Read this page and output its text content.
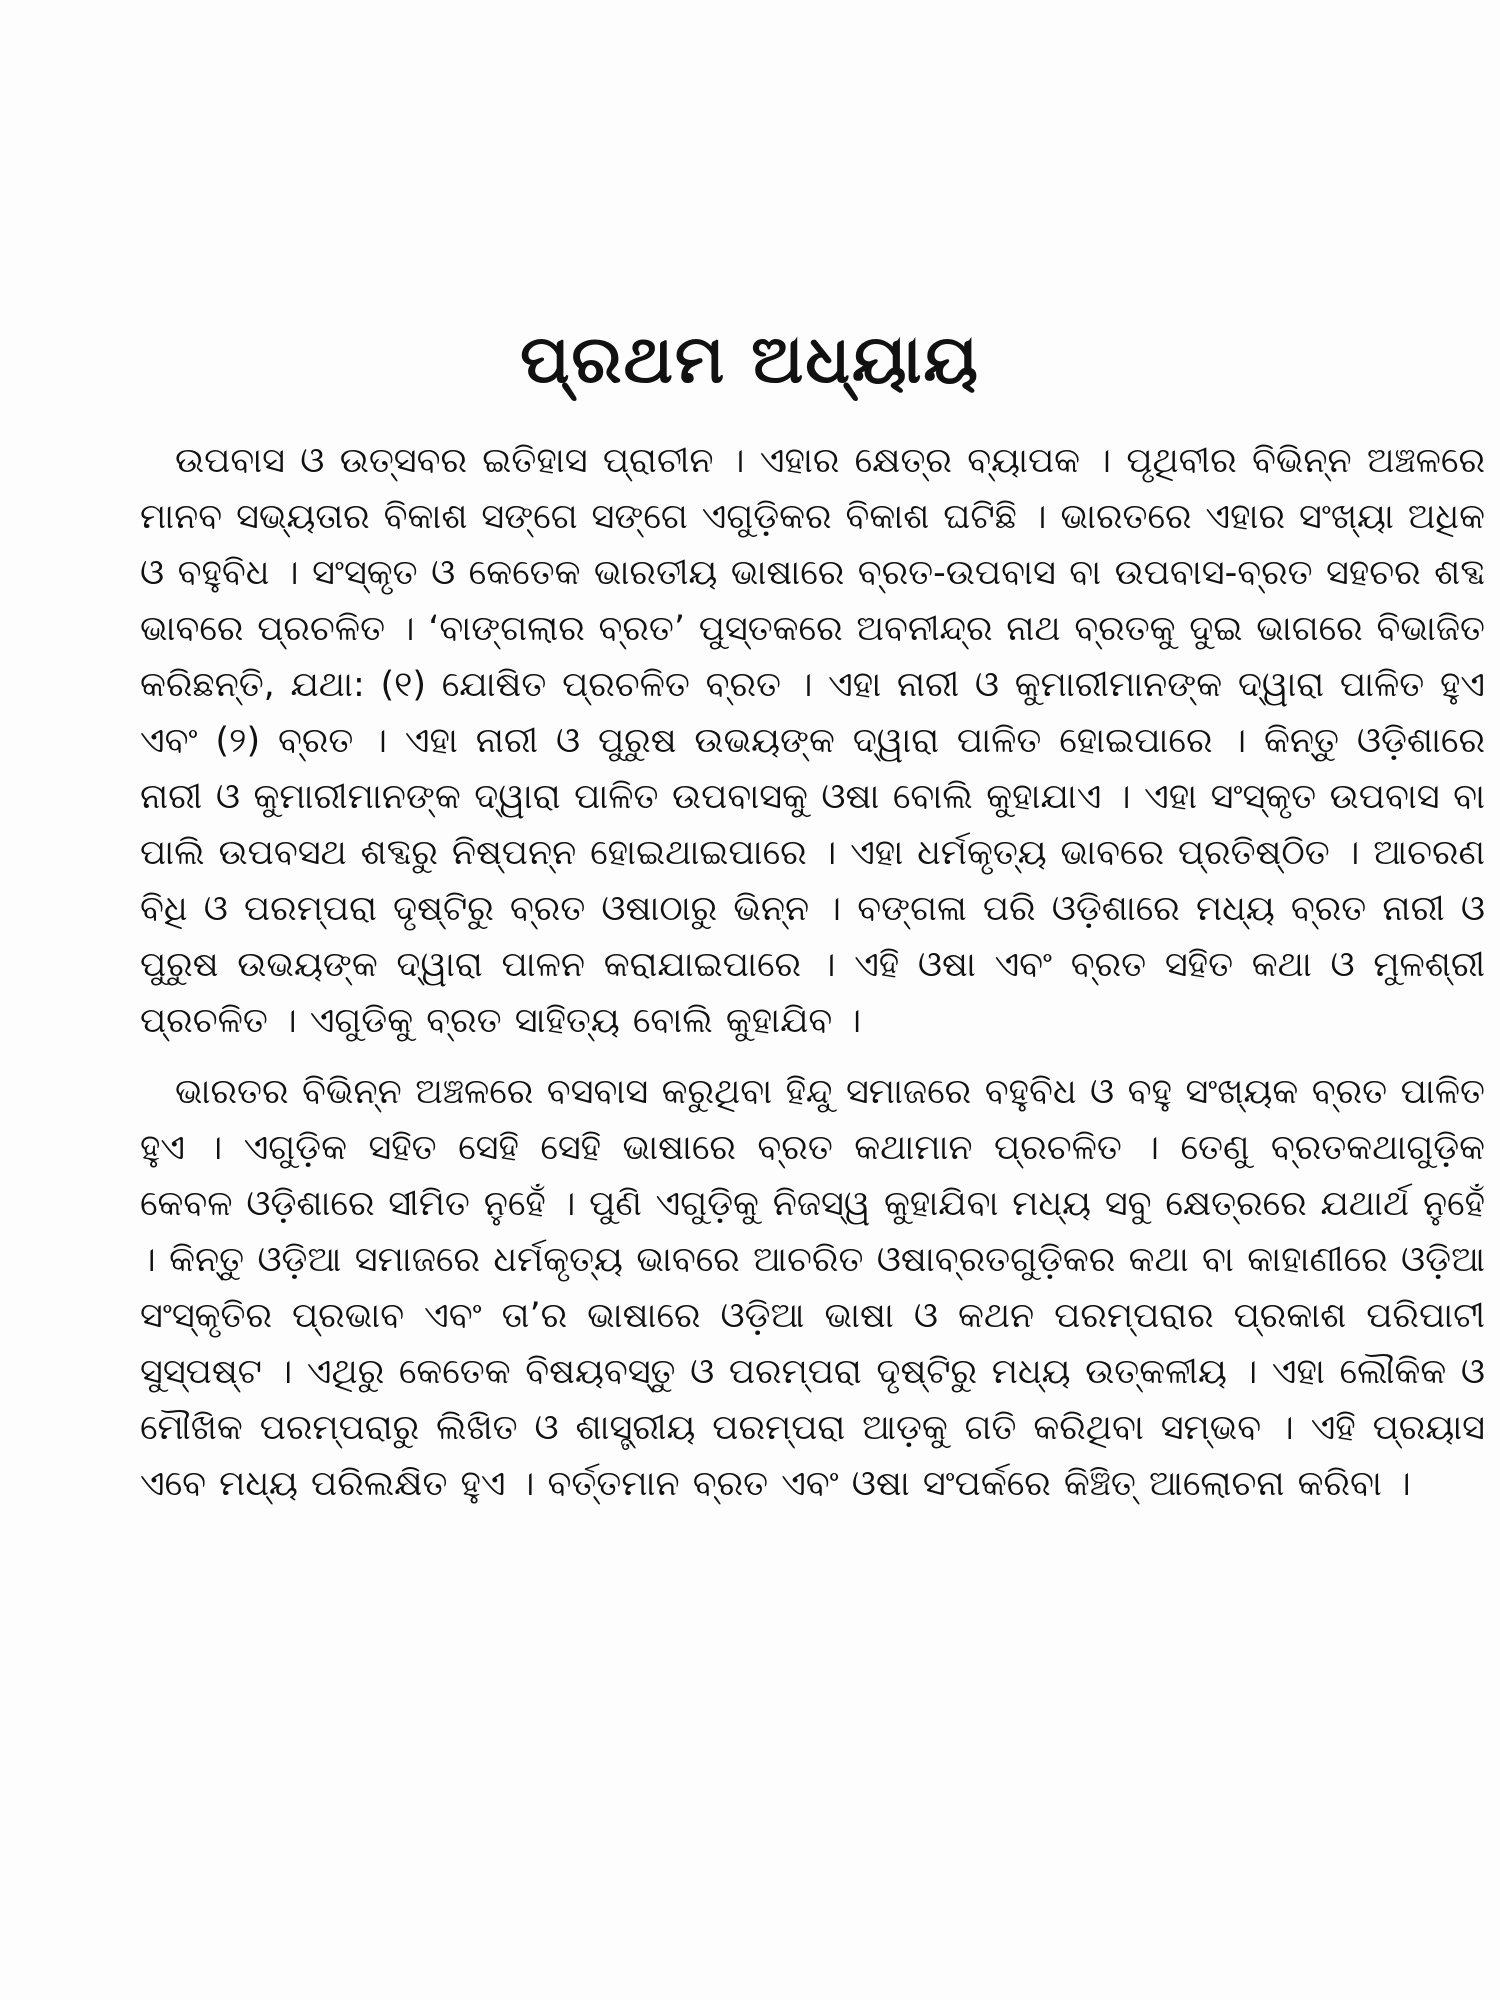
ପ୍ରଥମ ଅଧ୍ୟାୟ

ଉପବାସ ଓ ଉତ୍ସବର ଇତିହାସ ପ୍ରାଚୀନ । ଏହାର କ୍ଷେତ୍ର ବ୍ୟାପକ । ପୃଥିବୀର ବିଭିନ୍ନ ଅଞ୍ଚଳରେ ମାନବ ସଭ୍ୟତାର ବିକାଶ ସଙ୍ଗେ ସଙ୍ଗେ ଏଗୁଡ଼ିକର ବିକାଶ ଘଟିଛି । ଭାରତରେ ଏହାର ସଂଖ୍ୟା ଅଧିକ ଓ ବହୁବିଧ । ସଂସ୍କୃତ ଓ କେତେକ ଭାରତୀୟ ଭାଷାରେ ବ୍ରତ-ଉପବାସ ବା ଉପବାସ-ବ୍ରତ ସହଚର ଶବ୍ଦ ଭାବରେ ପ୍ରଚଳିତ । ‘ବାଙ୍ଗଲାର ବ୍ରତ’ ପୁସ୍ତକରେ ଅବନୀନ୍ଦ୍ର ନାଥ ବ୍ରତକୁ ଦୁଇ ଭାଗରେ ବିଭାଜିତ କରିଛନ୍ତି, ଯଥା: (୧) ଯୋଷିତ ପ୍ରଚଳିତ ବ୍ରତ । ଏହା ନାରୀ ଓ କୁମାରୀମାନଙ୍କ ଦ୍ୱାରା ପାଳିତ ହୁଏ ଏବଂ (୨) ବ୍ରତ । ଏହା ନାରୀ ଓ ପୁରୁଷ ଉଭୟଙ୍କ ଦ୍ୱାରା ପାଳିତ ହୋଇପାରେ । କିନ୍ତୁ ଓଡ଼ିଶାରେ ନାରୀ ଓ କୁମାରୀମାନଙ୍କ ଦ୍ୱାରା ପାଳିତ ଉପବାସକୁ ଓଷା ବୋଲି କୁହାଯାଏ । ଏହା ସଂସ୍କୃତ ଉପବାସ ବା ପାଲି ଉପବସଥ ଶବ୍ଦରୁ ନିଷ୍ପନ୍ନ ହୋଇଥାଇପାରେ । ଏହା ଧର୍ମକୃତ୍ୟ ଭାବରେ ପ୍ରତିଷ୍ଠିତ । ଆଚରଣ ବିଧି ଓ ପରମ୍ପରା ଦୃଷ୍ଟିରୁ ବ୍ରତ ଓଷାଠାରୁ ଭିନ୍ନ । ବଙ୍ଗଳା ପରି ଓଡ଼ିଶାରେ ମଧ୍ୟ ବ୍ରତ ନାରୀ ଓ ପୁରୁଷ ଉଭୟଙ୍କ ଦ୍ୱାରା ପାଳନ କରାଯାଇପାରେ । ଏହି ଓଷା ଏବଂ ବ୍ରତ ସହିତ କଥା ଓ ମୁଳଶ୍ରୀ ପ୍ରଚଳିତ । ଏଗୁଡିକୁ ବ୍ରତ ସାହିତ୍ୟ ବୋଲି କୁହାଯିବ ।

ଭାରତର ବିଭିନ୍ନ ଅଞ୍ଚଳରେ ବସବାସ କରୁଥିବା ହିନ୍ଦୁ ସମାଜରେ ବହୁବିଧ ଓ ବହୁ ସଂଖ୍ୟକ ବ୍ରତ ପାଳିତ ହୁଏ । ଏଗୁଡ଼ିକ ସହିତ ସେହି ସେହି ଭାଷାରେ ବ୍ରତ କଥାମାନ ପ୍ରଚଳିତ । ତେଣୁ ବ୍ରତକଥାଗୁଡ଼ିକ କେବଳ ଓଡ଼ିଶାରେ ସୀମିତ ନୁହେଁ । ପୁଣି ଏଗୁଡ଼ିକୁ ନିଜସ୍ୱ କୁହାଯିବା ମଧ୍ୟ ସବୁ କ୍ଷେତ୍ରରେ ଯଥାର୍ଥ ନୁହେଁ । କିନ୍ତୁ ଓଡ଼ିଆ ସମାଜରେ ଧର୍ମକୃତ୍ୟ ଭାବରେ ଆଚରିତ ଓଷାବ୍ରତଗୁଡ଼ିକର କଥା ବା କାହାଣୀରେ ଓଡ଼ିଆ ସଂସ୍କୃତିର ପ୍ରଭାବ ଏବଂ ତା’ର ଭାଷାରେ ଓଡ଼ିଆ ଭାଷା ଓ କଥନ ପରମ୍ପରାର ପ୍ରକାଶ ପରିପାଟୀ ସୁସ୍ପଷ୍ଟ । ଏଥିରୁ କେତେକ ବିଷୟବସ୍ତୁ ଓ ପରମ୍ପରା ଦୃଷ୍ଟିରୁ ମଧ୍ୟ ଉତ୍କଳୀୟ । ଏହା ଲୌକିକ ଓ ମୌଖିକ ପରମ୍ପରାରୁ ଲିଖିତ ଓ ଶାସ୍ତ୍ରୀୟ ପରମ୍ପରା ଆଡ଼କୁ ଗତି କରିଥିବା ସମ୍ଭବ । ଏହି ପ୍ରୟାସ ଏବେ ମଧ୍ୟ ପରିଲକ୍ଷିତ ହୁଏ । ବର୍ତ୍ତମାନ ବ୍ରତ ଏବଂ ଓଷା ସଂପର୍କରେ କିଞ୍ଚିତ୍ ଆଲୋଚନା କରିବା ।
